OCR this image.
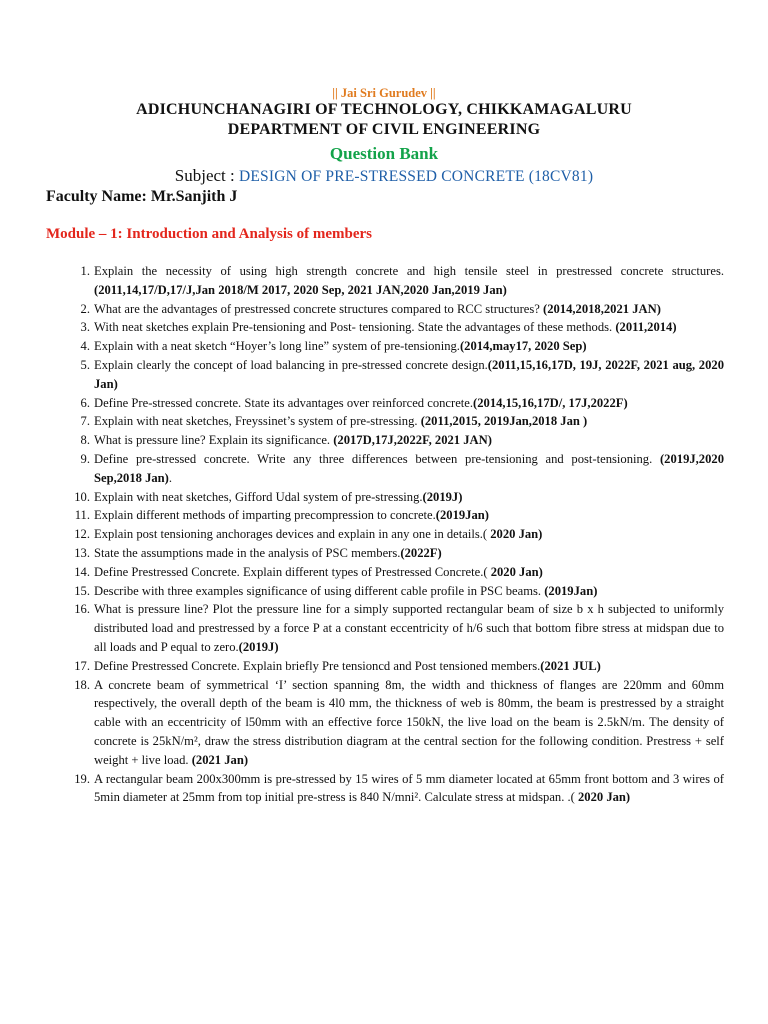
|| Jai Sri Gurudev ||
ADICHUNCHANAGIRI OF TECHNOLOGY, CHIKKAMAGALURU
DEPARTMENT OF CIVIL ENGINEERING
Question Bank
Subject : DESIGN OF PRE-STRESSED CONCRETE (18CV81)
Faculty Name: Mr.Sanjith J
Module – 1: Introduction and Analysis of members
1. Explain the necessity of using high strength concrete and high tensile steel in prestressed concrete structures. (2011,14,17/D,17/J,Jan 2018/M 2017, 2020 Sep, 2021 JAN,2020 Jan,2019 Jan)
2. What are the advantages of prestressed concrete structures compared to RCC structures? (2014,2018,2021 JAN)
3. With neat sketches explain Pre-tensioning and Post- tensioning. State the advantages of these methods. (2011,2014)
4. Explain with a neat sketch “Hoyer’s long line” system of pre-tensioning.(2014,may17, 2020 Sep)
5. Explain clearly the concept of load balancing in pre-stressed concrete design.(2011,15,16,17D, 19J, 2022F, 2021 aug, 2020 Jan)
6. Define Pre-stressed concrete. State its advantages over reinforced concrete.(2014,15,16,17D/, 17J,2022F)
7. Explain with neat sketches, Freyssinet’s system of pre-stressing. (2011,2015, 2019Jan,2018 Jan )
8. What is pressure line? Explain its significance. (2017D,17J,2022F, 2021 JAN)
9. Define pre-stressed concrete. Write any three differences between pre-tensioning and post-tensioning. (2019J,2020 Sep,2018 Jan).
10. Explain with neat sketches, Gifford Udal system of pre-stressing.(2019J)
11. Explain different methods of imparting precompression to concrete.(2019Jan)
12. Explain post tensioning anchorages devices and explain in any one in details.( 2020 Jan)
13. State the assumptions made in the analysis of PSC members.(2022F)
14. Define Prestressed Concrete. Explain different types of Prestressed Concrete.( 2020 Jan)
15. Describe with three examples significance of using different cable profile in PSC beams. (2019Jan)
16. What is pressure line? Plot the pressure line for a simply supported rectangular beam of size b x h subjected to uniformly distributed load and prestressed by a force P at a constant eccentricity of h/6 such that bottom fibre stress at midspan due to all loads and P equal to zero.(2019J)
17. Define Prestressed Concrete. Explain briefly Pre tensioncd and Post tensioned members.(2021 JUL)
18. A concrete beam of symmetrical ‘I’ section spanning 8m, the width and thickness of flanges are 220mm and 60mm respectively, the overall depth of the beam is 4l0 mm, the thickness of web is 80mm, the beam is prestressed by a straight cable with an eccentricity of l50mm with an effective force 150kN, the live load on the beam is 2.5kN/m. The density of concrete is 25kN/m², draw the stress distribution diagram at the central section for the following condition. Prestress + self weight + live load. (2021 Jan)
19. A rectangular beam 200x300mm is pre-stressed by 15 wires of 5 mm diameter located at 65mm front bottom and 3 wires of 5min diameter at 25mm from top initial pre-stress is 840 N/mni². Calculate stress at midspan. .( 2020 Jan)
